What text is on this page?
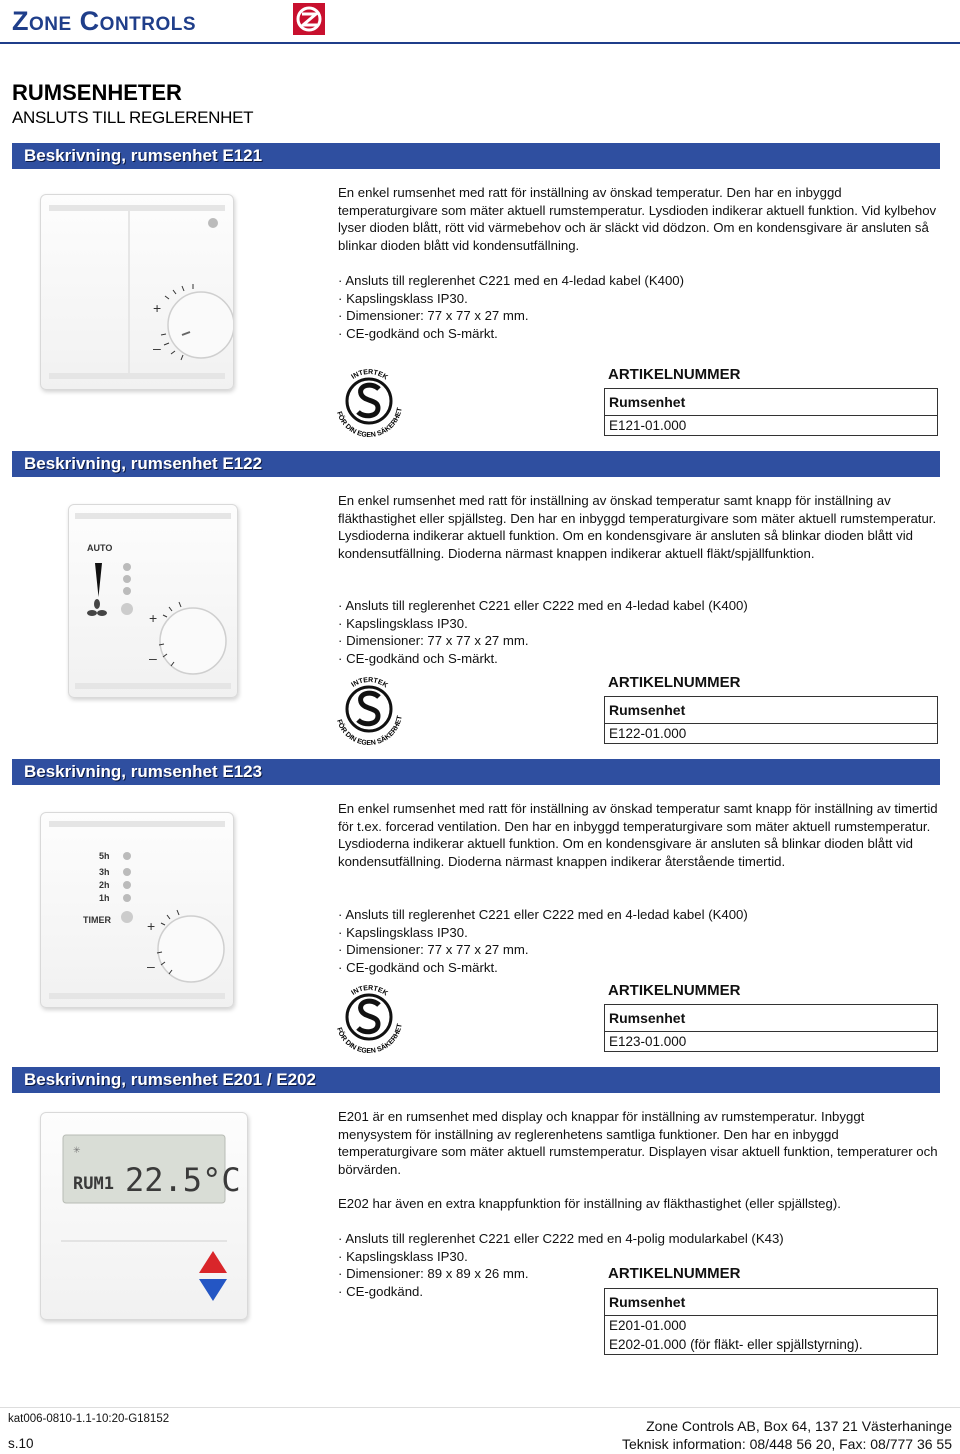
Zone Controls
RUMSENHETER
ANSLUTS TILL REGLERENHET
Beskrivning, rumsenhet E121
+
–
En enkel rumsenhet med ratt för inställning av önskad temperatur. Den har en inbyggd temperaturgivare som mäter aktuell rumstemperatur. Lysdioden indikerar aktuell funktion. Vid kylbehov lyser dioden blått, rött vid värmebehov och är släckt vid dödzon. Om en kondensgivare är ansluten så blinkar dioden blått vid kondensutfällning.
· Ansluts till reglerenhet C221 med en 4-ledad kabel (K400)
· Kapslingsklass IP30.
· Dimensioner: 77 x 77 x 27 mm.
· CE-godkänd och S-märkt.
INTERTEK
FÖR DIN EGEN SÄKERHET
ARTIKELNUMMER
Rumsenhet
E121-01.000
Beskrivning, rumsenhet E122
AUTO
+
–
En enkel rumsenhet med ratt för inställning av önskad temperatur samt knapp för inställning av fläkthastighet eller spjällsteg. Den har en inbyggd temperaturgivare som mäter aktuell rumstemperatur. Lysdioderna indikerar aktuell funktion. Om en kondensgivare är ansluten så blinkar dioden blått vid kondensutfällning. Dioderna närmast knappen indikerar aktuell fläkt/spjällfunktion.
· Ansluts till reglerenhet C221 eller C222 med en 4-ledad kabel (K400)
· Kapslingsklass IP30.
· Dimensioner: 77 x 77 x 27 mm.
· CE-godkänd och S-märkt.
INTERTEK
FÖR DIN EGEN SÄKERHET
ARTIKELNUMMER
Rumsenhet
E122-01.000
Beskrivning, rumsenhet E123
5h
3h
2h
1h
TIMER	+
–
En enkel rumsenhet med ratt för inställning av önskad temperatur samt knapp för inställning av timertid för t.ex. forcerad ventilation. Den har en inbyggd temperaturgivare som mäter aktuell rumstemperatur. Lysdioderna indikerar aktuell funktion. Om en kondensgivare är ansluten så blinkar dioden blått vid kondensutfällning. Dioderna närmast knappen indikerar återstående timertid.
· Ansluts till reglerenhet C221 eller C222 med en 4-ledad kabel (K400)
· Kapslingsklass IP30.
· Dimensioner: 77 x 77 x 27 mm.
· CE-godkänd och S-märkt.
INTERTEK
FÖR DIN EGEN SÄKERHET
ARTIKELNUMMER
Rumsenhet
E123-01.000
Beskrivning, rumsenhet E201 / E202
✳
RUM1 22.5°C
E201 är en rumsenhet med display och knappar för inställning av rumstemperatur. Inbyggt menysystem för inställning av reglerenhetens samtliga funktioner. Den har en inbyggd temperaturgivare som mäter aktuell rumstemperatur. Displayen visar aktuell funktion, temperaturer och börvärden.
E202 har även en extra knappfunktion för inställning av fläkthastighet (eller spjällsteg).
· Ansluts till reglerenhet C221 eller C222 med en 4-polig modularkabel (K43)
· Kapslingsklass IP30.
· Dimensioner: 89 x 89 x 26 mm.
· CE-godkänd.
ARTIKELNUMMER
Rumsenhet
E201-01.000
E202-01.000 (för fläkt- eller spjällstyrning).
kat006-0810-1.1-10:20-G18152
s.10
Zone Controls AB, Box 64, 137 21 Västerhaninge
Teknisk information: 08/448 56 20, Fax: 08/777 36 55
